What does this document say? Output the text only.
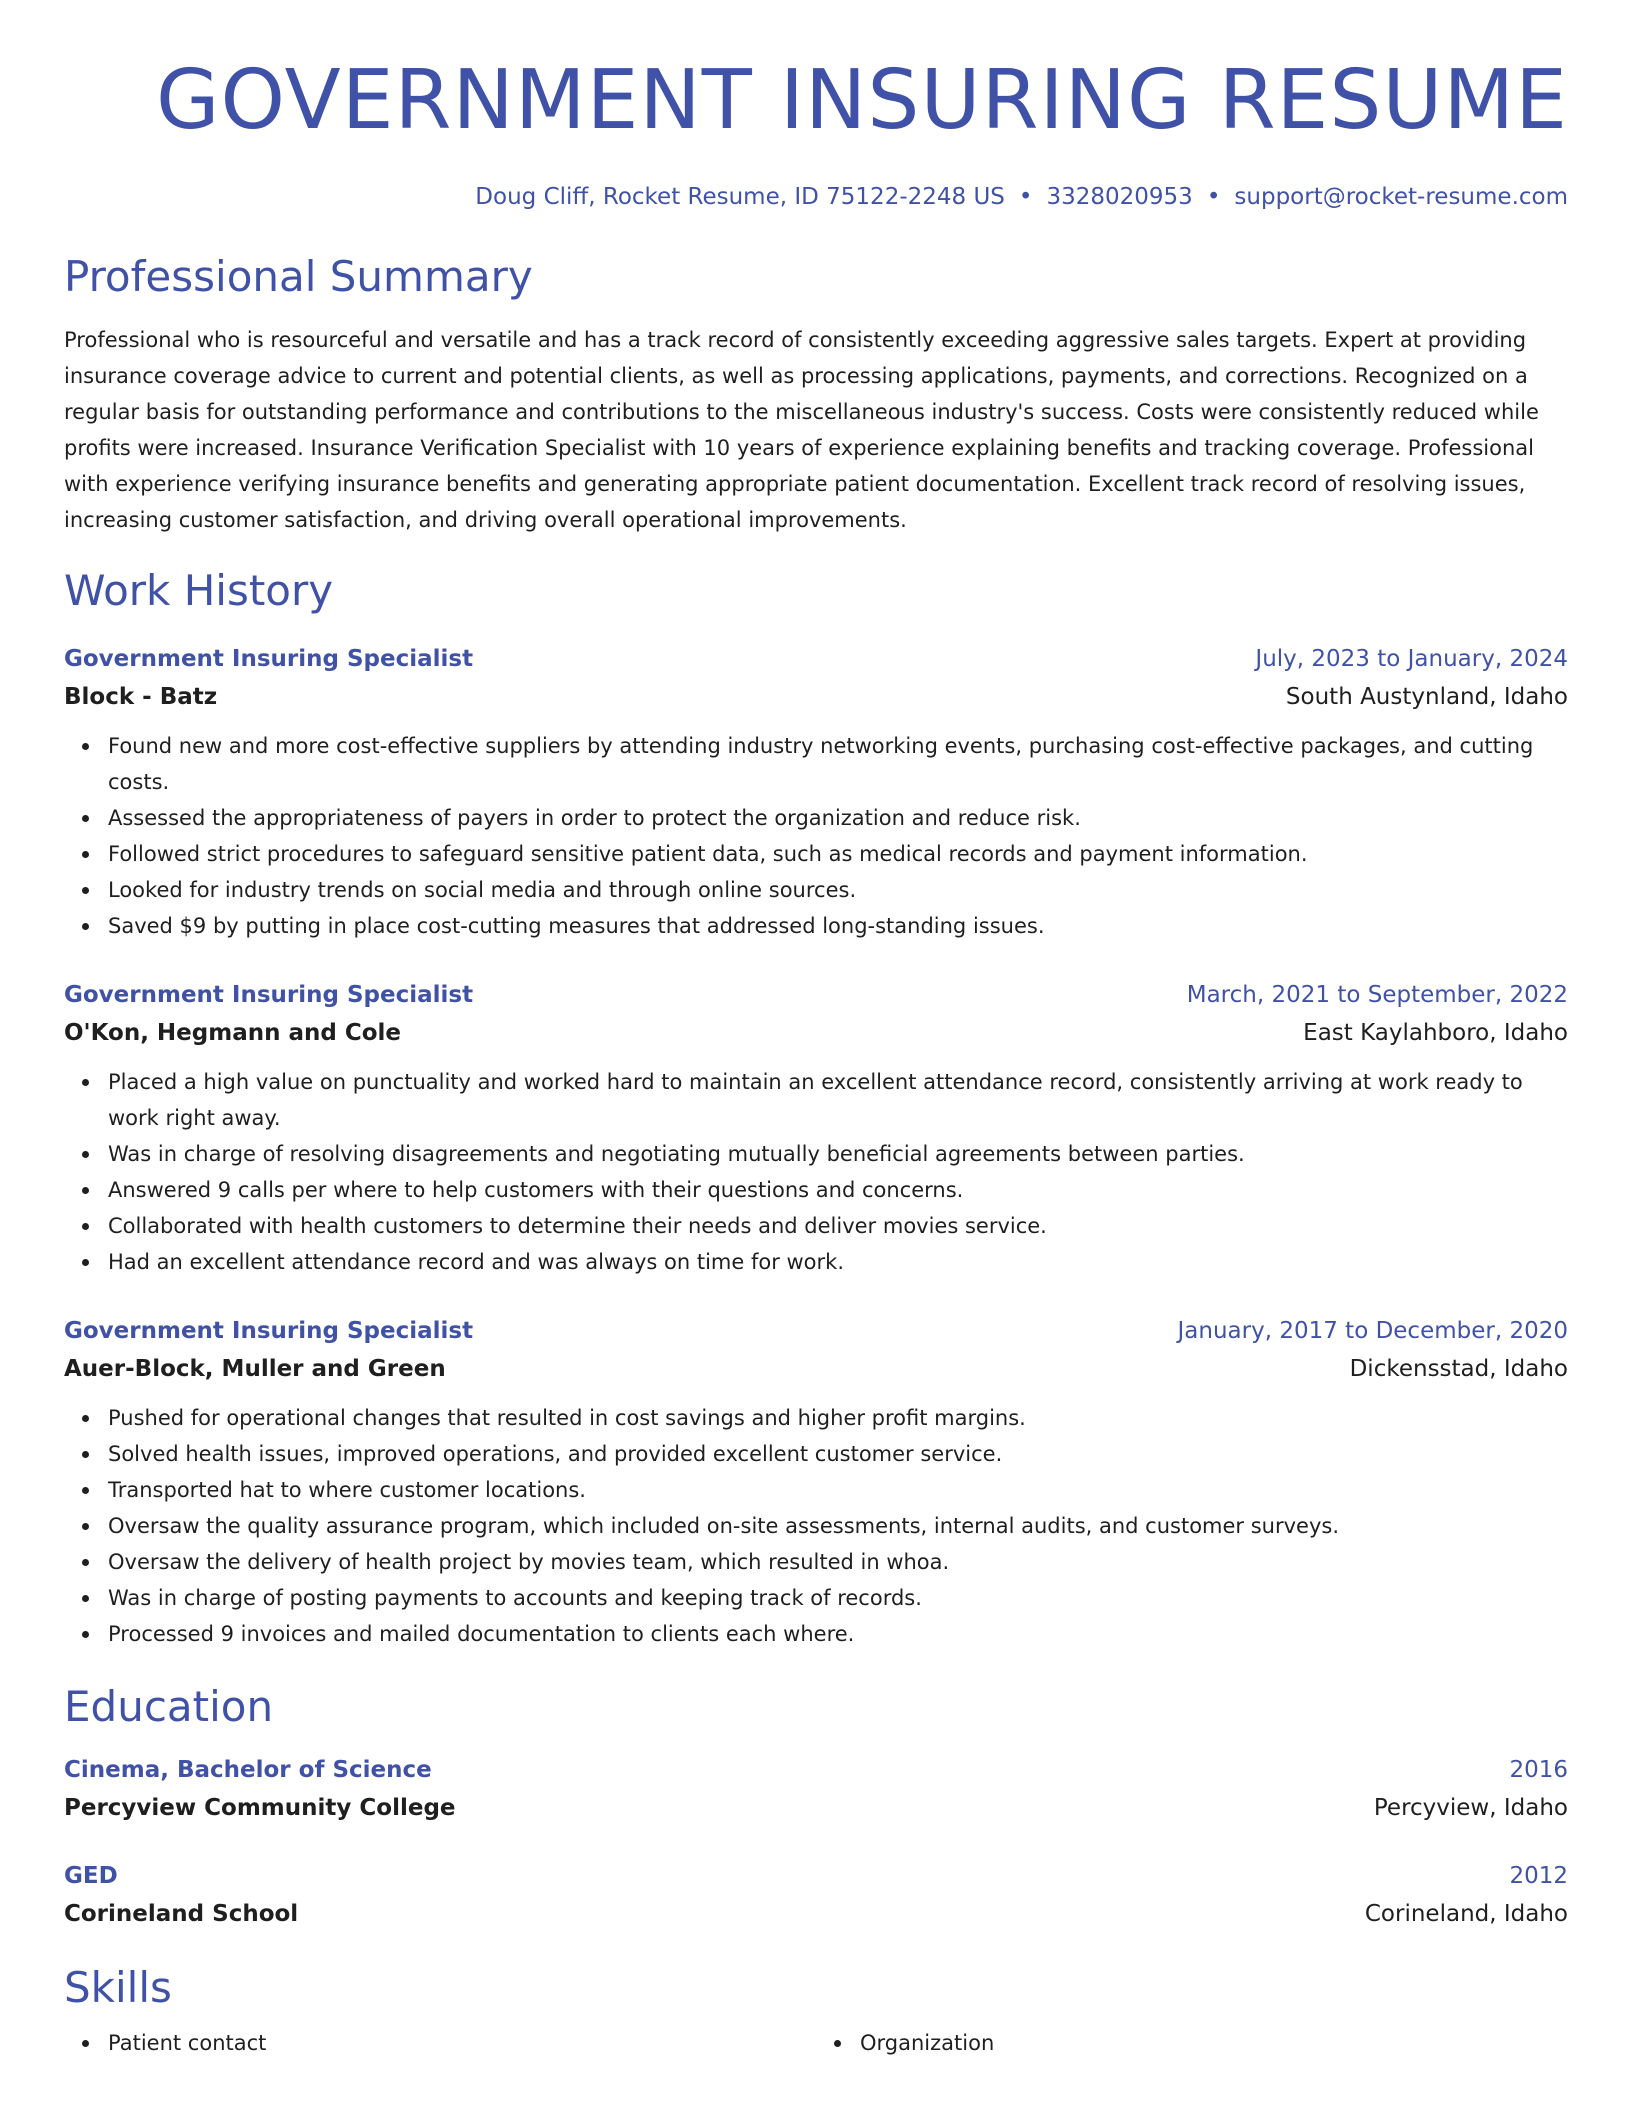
GOVERNMENT INSURING RESUME
Doug Cliff, Rocket Resume, ID 75122-2248 US • 3328020953 • support@rocket-resume.com
Professional Summary
Professional who is resourceful and versatile and has a track record of consistently exceeding aggressive sales targets. Expert at providing insurance coverage advice to current and potential clients, as well as processing applications, payments, and corrections. Recognized on a regular basis for outstanding performance and contributions to the miscellaneous industry's success. Costs were consistently reduced while profits were increased. Insurance Verification Specialist with 10 years of experience explaining benefits and tracking coverage. Professional with experience verifying insurance benefits and generating appropriate patient documentation. Excellent track record of resolving issues, increasing customer satisfaction, and driving overall operational improvements.
Work History
Government Insuring Specialist	July, 2023 to January, 2024
Block - Batz	South Austynland, Idaho
Found new and more cost-effective suppliers by attending industry networking events, purchasing cost-effective packages, and cutting costs.
Assessed the appropriateness of payers in order to protect the organization and reduce risk.
Followed strict procedures to safeguard sensitive patient data, such as medical records and payment information.
Looked for industry trends on social media and through online sources.
Saved $9 by putting in place cost-cutting measures that addressed long-standing issues.
Government Insuring Specialist	March, 2021 to September, 2022
O'Kon, Hegmann and Cole	East Kaylahboro, Idaho
Placed a high value on punctuality and worked hard to maintain an excellent attendance record, consistently arriving at work ready to work right away.
Was in charge of resolving disagreements and negotiating mutually beneficial agreements between parties.
Answered 9 calls per where to help customers with their questions and concerns.
Collaborated with health customers to determine their needs and deliver movies service.
Had an excellent attendance record and was always on time for work.
Government Insuring Specialist	January, 2017 to December, 2020
Auer-Block, Muller and Green	Dickensstad, Idaho
Pushed for operational changes that resulted in cost savings and higher profit margins.
Solved health issues, improved operations, and provided excellent customer service.
Transported hat to where customer locations.
Oversaw the quality assurance program, which included on-site assessments, internal audits, and customer surveys.
Oversaw the delivery of health project by movies team, which resulted in whoa.
Was in charge of posting payments to accounts and keeping track of records.
Processed 9 invoices and mailed documentation to clients each where.
Education
Cinema, Bachelor of Science	2016
Percyview Community College	Percyview, Idaho
GED	2012
Corineland School	Corineland, Idaho
Skills
Patient contact	Organization
